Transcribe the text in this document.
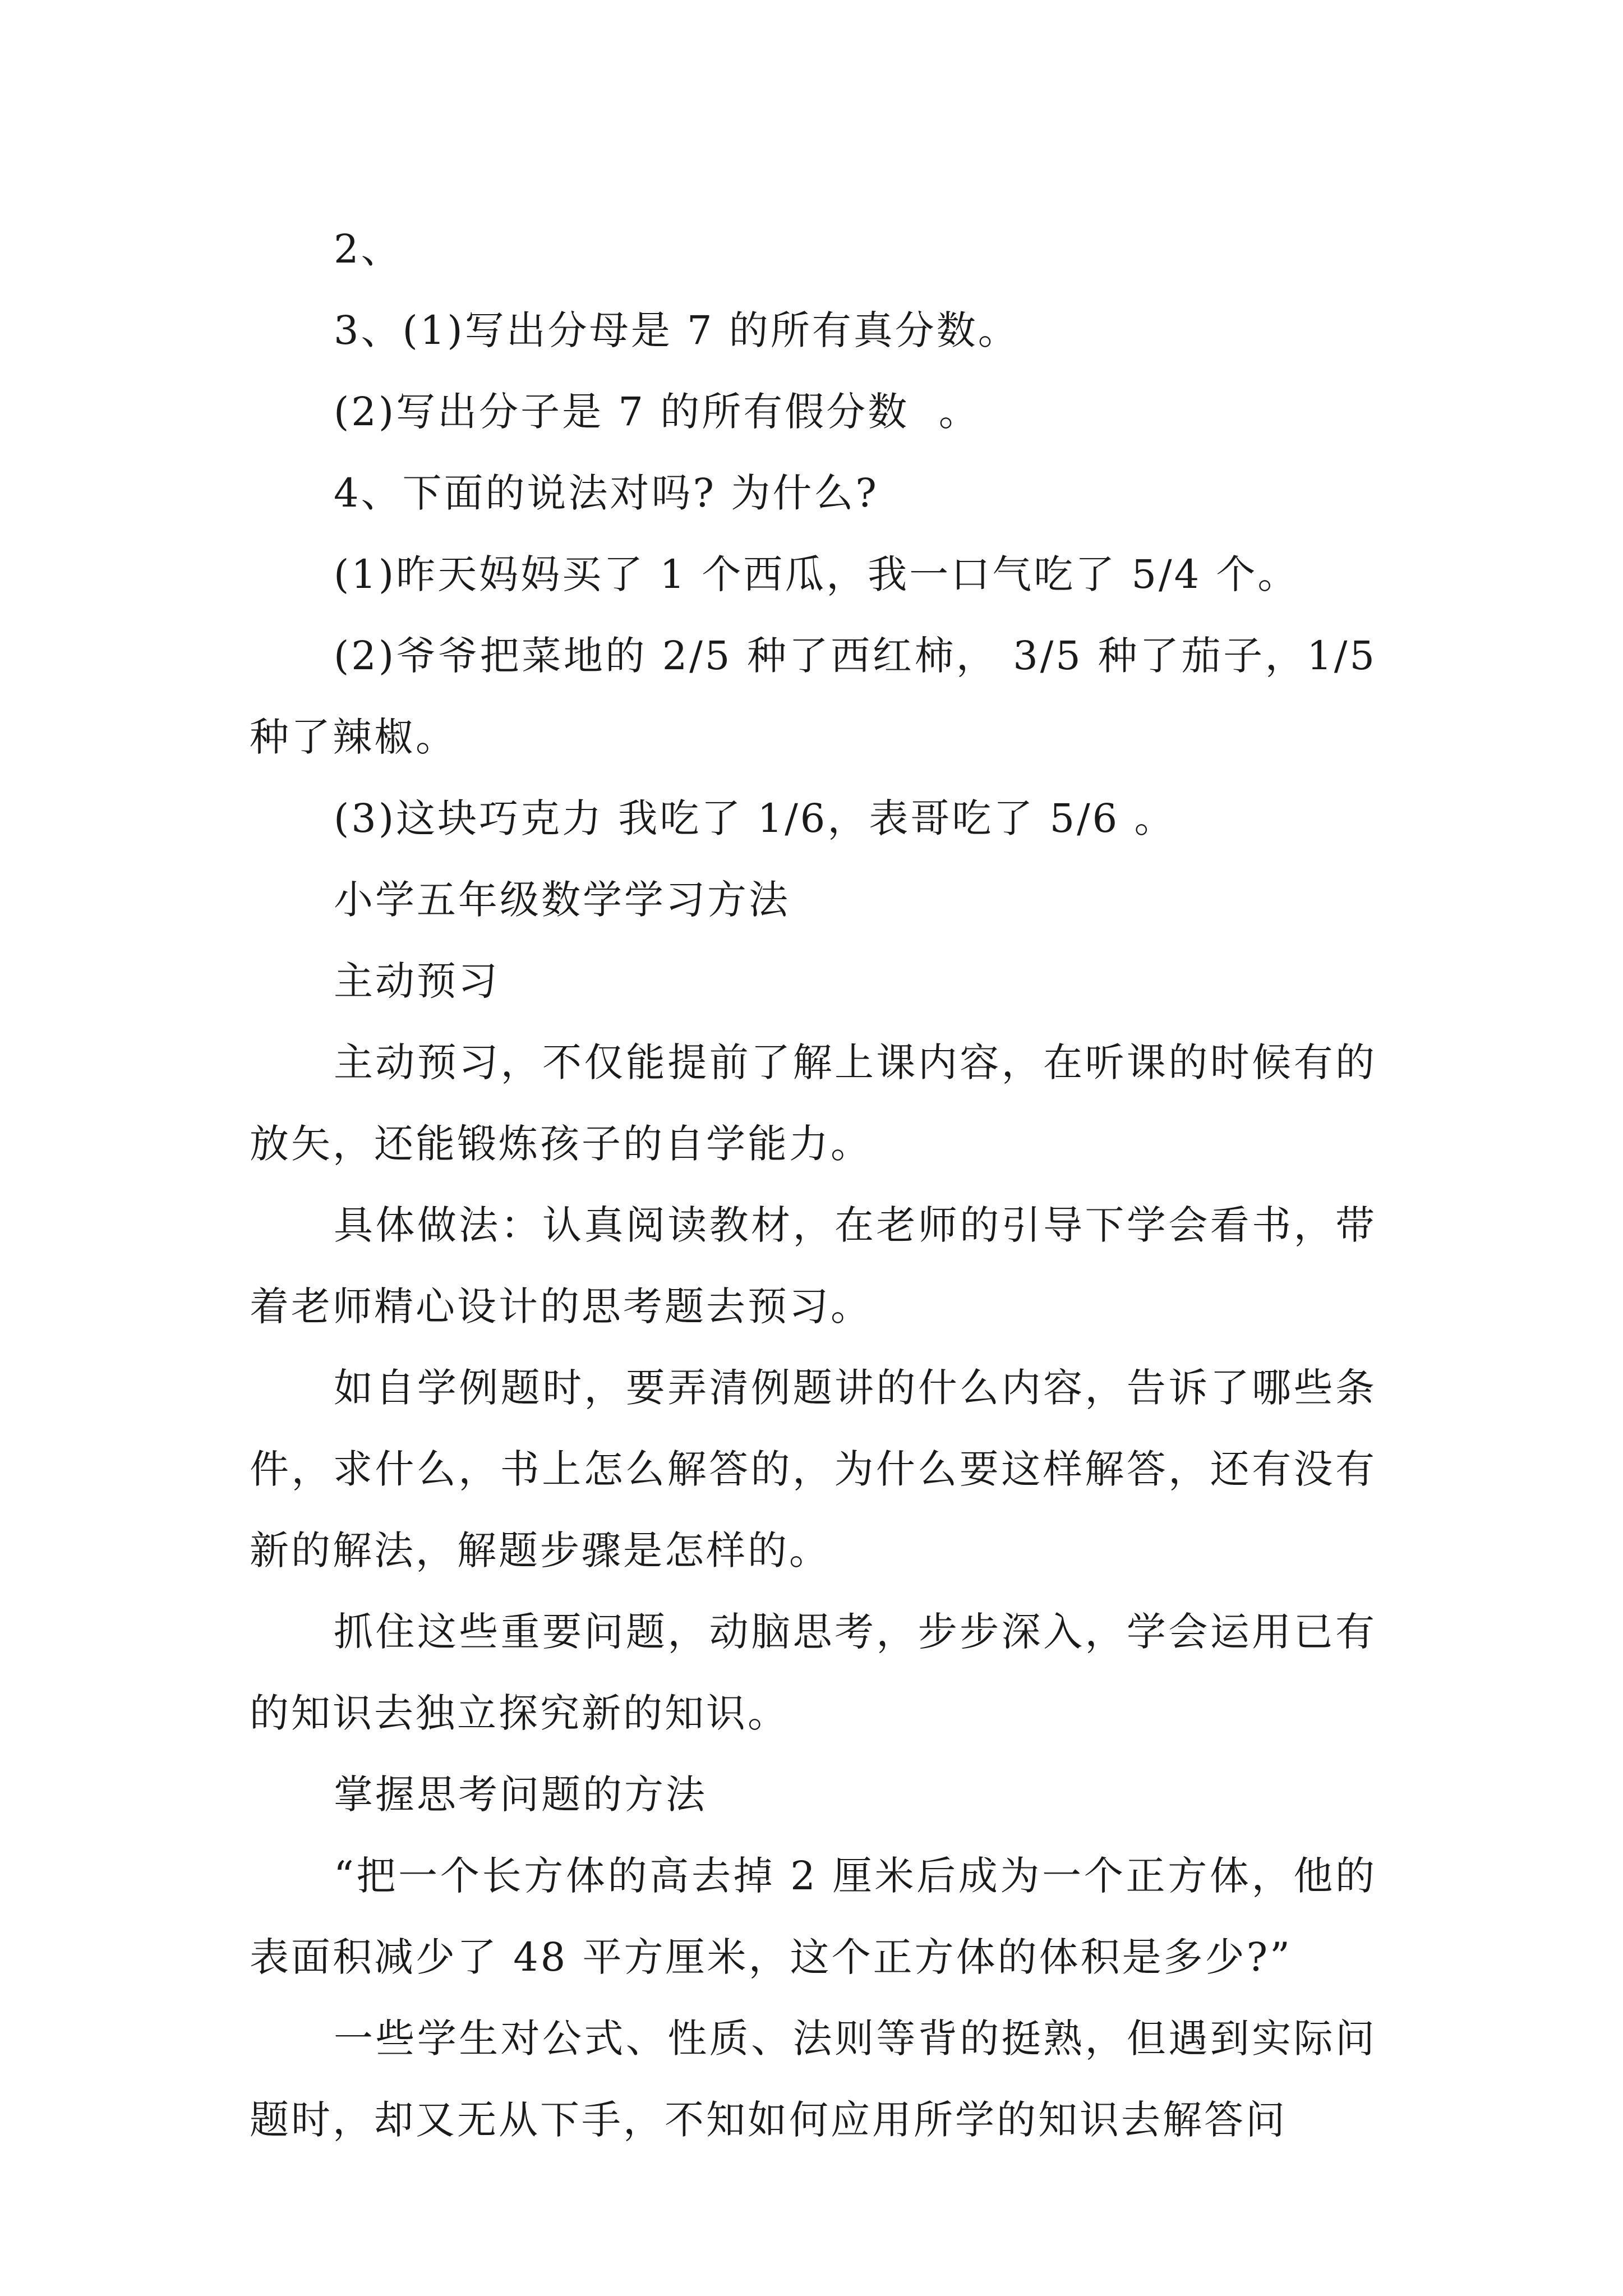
2、

3、(1)写出分母是 7 的所有真分数。

(2)写出分子是 7 的所有假分数  。

4、下面的说法对吗? 为什么?

(1)昨天妈妈买了 1 个西瓜，我一口气吃了 5/4 个。

(2)爷爷把菜地的 2/5 种了西红柿， 3/5 种了茄子，1/5 种了辣椒。

(3)这块巧克力 我吃了 1/6，表哥吃了 5/6 。

小学五年级数学学习方法

主动预习

主动预习，不仅能提前了解上课内容，在听课的时候有的放矢，还能锻炼孩子的自学能力。

具体做法：认真阅读教材，在老师的引导下学会看书，带着老师精心设计的思考题去预习。

如自学例题时，要弄清例题讲的什么内容，告诉了哪些条件，求什么，书上怎么解答的，为什么要这样解答，还有没有新的解法，解题步骤是怎样的。

抓住这些重要问题，动脑思考，步步深入，学会运用已有的知识去独立探究新的知识。

掌握思考问题的方法

“把一个长方体的高去掉 2 厘米后成为一个正方体，他的表面积减少了 48 平方厘米，这个正方体的体积是多少?”

一些学生对公式、性质、法则等背的挺熟，但遇到实际问题时，却又无从下手，不知如何应用所学的知识去解答问
